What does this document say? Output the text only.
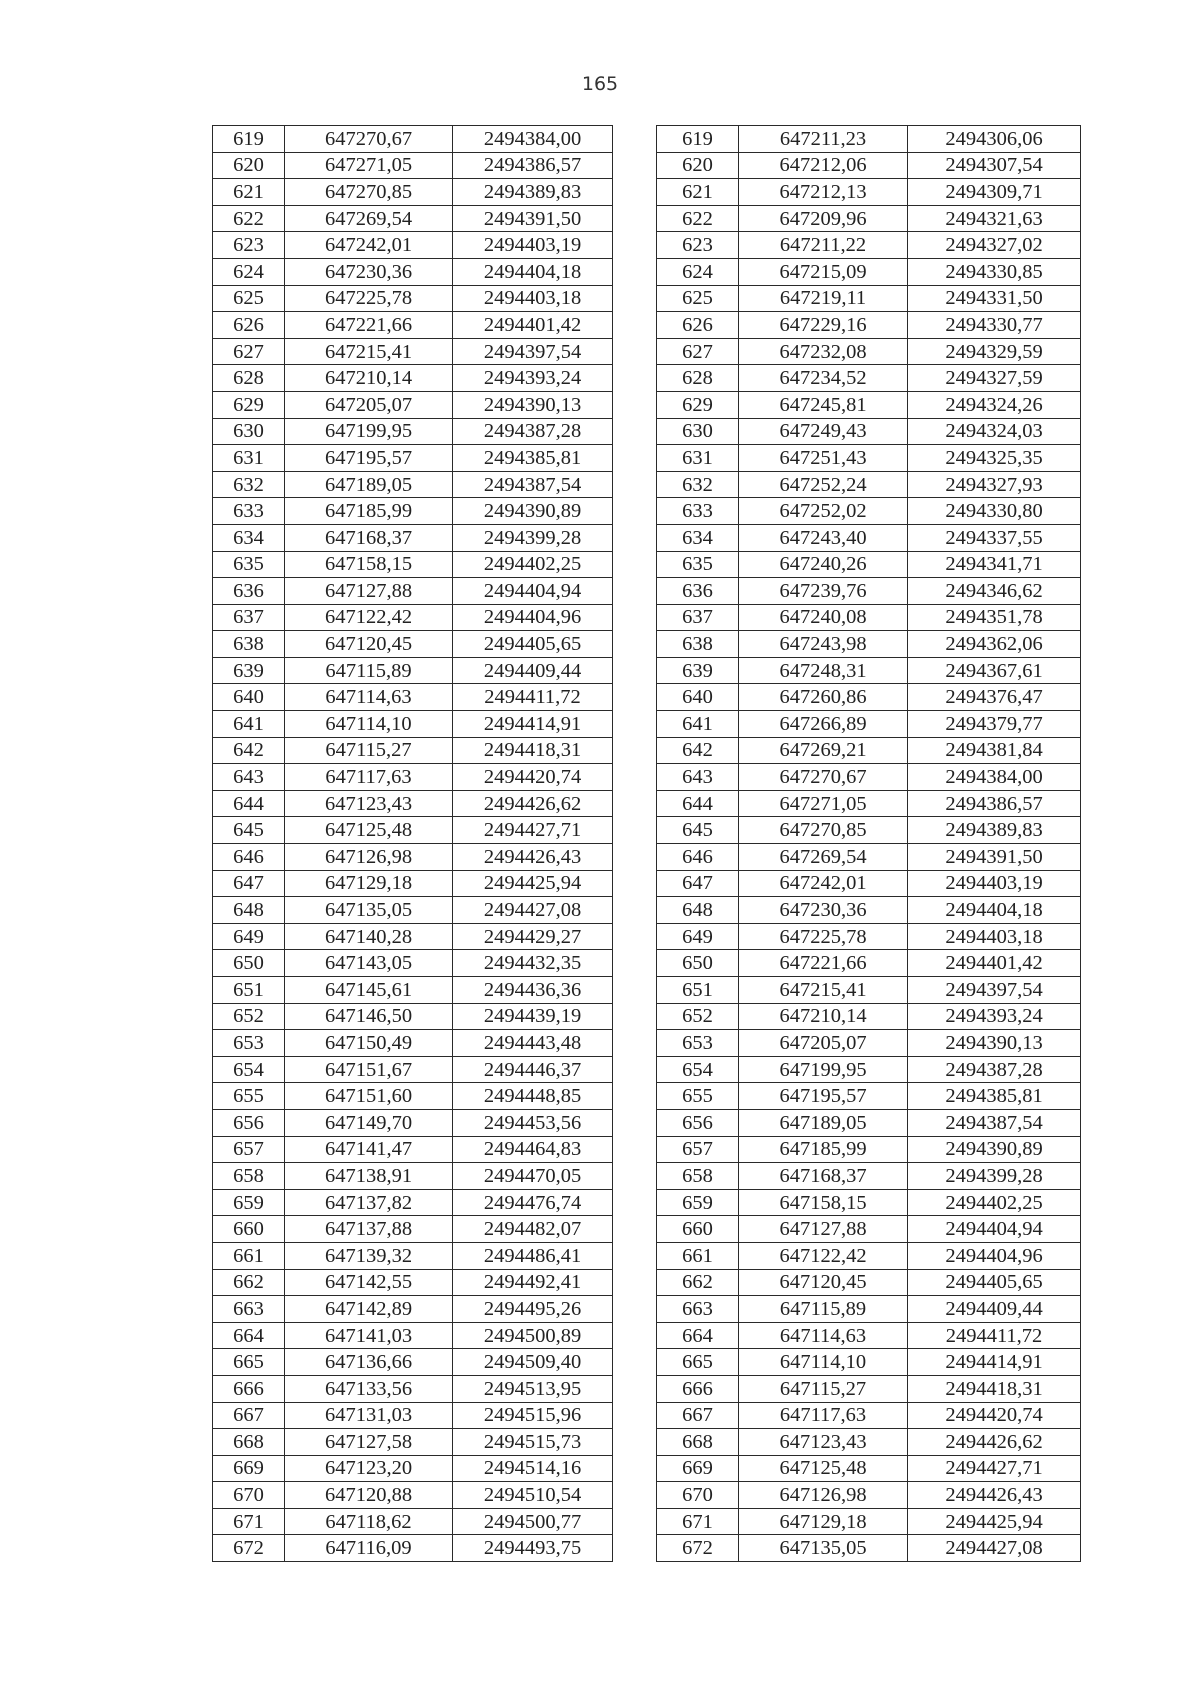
165
619	647270,67	2494384,00		619	647211,23	2494306,06
620	647271,05	2494386,57		620	647212,06	2494307,54
621	647270,85	2494389,83		621	647212,13	2494309,71
622	647269,54	2494391,50		622	647209,96	2494321,63
623	647242,01	2494403,19		623	647211,22	2494327,02
624	647230,36	2494404,18		624	647215,09	2494330,85
625	647225,78	2494403,18		625	647219,11	2494331,50
626	647221,66	2494401,42		626	647229,16	2494330,77
627	647215,41	2494397,54		627	647232,08	2494329,59
628	647210,14	2494393,24		628	647234,52	2494327,59
629	647205,07	2494390,13		629	647245,81	2494324,26
630	647199,95	2494387,28		630	647249,43	2494324,03
631	647195,57	2494385,81		631	647251,43	2494325,35
632	647189,05	2494387,54		632	647252,24	2494327,93
633	647185,99	2494390,89		633	647252,02	2494330,80
634	647168,37	2494399,28		634	647243,40	2494337,55
635	647158,15	2494402,25		635	647240,26	2494341,71
636	647127,88	2494404,94		636	647239,76	2494346,62
637	647122,42	2494404,96		637	647240,08	2494351,78
638	647120,45	2494405,65		638	647243,98	2494362,06
639	647115,89	2494409,44		639	647248,31	2494367,61
640	647114,63	2494411,72		640	647260,86	2494376,47
641	647114,10	2494414,91		641	647266,89	2494379,77
642	647115,27	2494418,31		642	647269,21	2494381,84
643	647117,63	2494420,74		643	647270,67	2494384,00
644	647123,43	2494426,62		644	647271,05	2494386,57
645	647125,48	2494427,71		645	647270,85	2494389,83
646	647126,98	2494426,43		646	647269,54	2494391,50
647	647129,18	2494425,94		647	647242,01	2494403,19
648	647135,05	2494427,08		648	647230,36	2494404,18
649	647140,28	2494429,27		649	647225,78	2494403,18
650	647143,05	2494432,35		650	647221,66	2494401,42
651	647145,61	2494436,36		651	647215,41	2494397,54
652	647146,50	2494439,19		652	647210,14	2494393,24
653	647150,49	2494443,48		653	647205,07	2494390,13
654	647151,67	2494446,37		654	647199,95	2494387,28
655	647151,60	2494448,85		655	647195,57	2494385,81
656	647149,70	2494453,56		656	647189,05	2494387,54
657	647141,47	2494464,83		657	647185,99	2494390,89
658	647138,91	2494470,05		658	647168,37	2494399,28
659	647137,82	2494476,74		659	647158,15	2494402,25
660	647137,88	2494482,07		660	647127,88	2494404,94
661	647139,32	2494486,41		661	647122,42	2494404,96
662	647142,55	2494492,41		662	647120,45	2494405,65
663	647142,89	2494495,26		663	647115,89	2494409,44
664	647141,03	2494500,89		664	647114,63	2494411,72
665	647136,66	2494509,40		665	647114,10	2494414,91
666	647133,56	2494513,95		666	647115,27	2494418,31
667	647131,03	2494515,96		667	647117,63	2494420,74
668	647127,58	2494515,73		668	647123,43	2494426,62
669	647123,20	2494514,16		669	647125,48	2494427,71
670	647120,88	2494510,54		670	647126,98	2494426,43
671	647118,62	2494500,77		671	647129,18	2494425,94
672	647116,09	2494493,75		672	647135,05	2494427,08
